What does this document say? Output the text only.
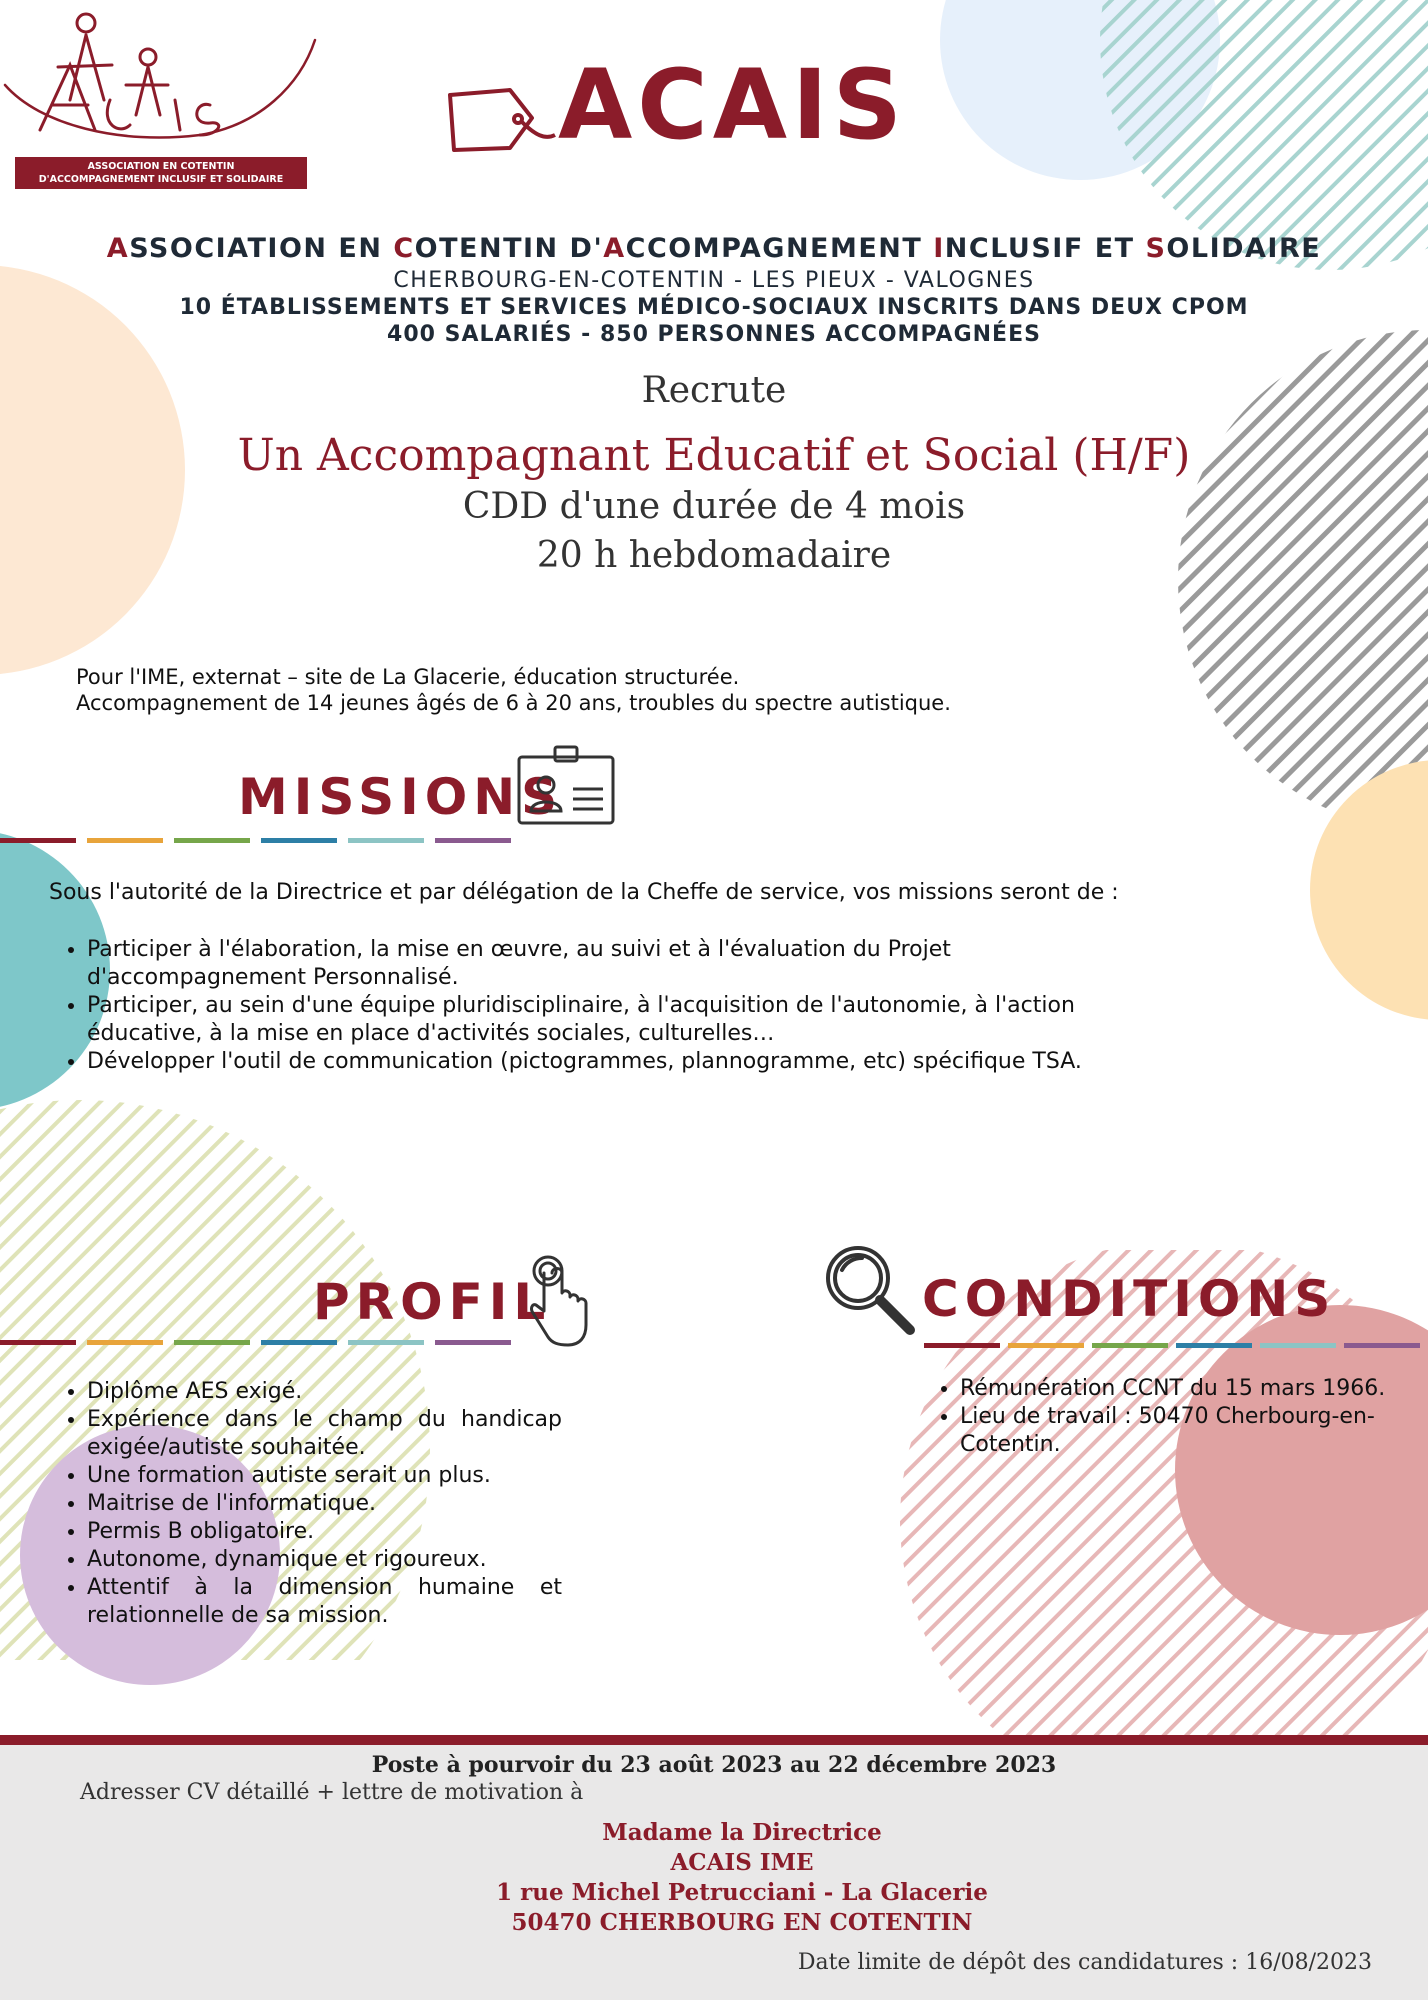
ASSOCIATION EN COTENTIN
D'ACCOMPAGNEMENT INCLUSIF ET SOLIDAIRE
ACAIS
ASSOCIATION EN COTENTIN D'ACCOMPAGNEMENT INCLUSIF ET SOLIDAIRE
CHERBOURG-EN-COTENTIN - LES PIEUX - VALOGNES
10 ÉTABLISSEMENTS ET SERVICES MÉDICO-SOCIAUX INSCRITS DANS DEUX CPOM
400 SALARIÉS - 850 PERSONNES ACCOMPAGNÉES
Recrute
Un Accompagnant Educatif et Social (H/F)
CDD d'une durée de 4 mois
20 h hebdomadaire
Pour l'IME, externat – site de La Glacerie, éducation structurée.
Accompagnement de 14 jeunes âgés de 6 à 20 ans, troubles du spectre autistique.
MISSIONS
Sous l'autorité de la Directrice et par délégation de la Cheffe de service, vos missions seront de :
• Participer à l'élaboration, la mise en œuvre, au suivi et à l'évaluation du Projet d'accompagnement Personnalisé.
• Participer, au sein d'une équipe pluridisciplinaire, à l'acquisition de l'autonomie, à l'action éducative, à la mise en place d'activités sociales, culturelles…
• Développer l'outil de communication (pictogrammes, plannogramme, etc) spécifique TSA.
PROFIL
• Diplôme AES exigé.
• Expérience dans le champ du handicap exigée/autiste souhaitée.
• Une formation autiste serait un plus.
• Maitrise de l'informatique.
• Permis B obligatoire.
• Autonome, dynamique et rigoureux.
• Attentif à la dimension humaine et relationnelle de sa mission.
CONDITIONS
• Rémunération CCNT du 15 mars 1966.
• Lieu de travail : 50470 Cherbourg-en-Cotentin.
Poste à pourvoir du 23 août 2023 au 22 décembre 2023
Adresser CV détaillé + lettre de motivation à
Madame la Directrice
ACAIS IME
1 rue Michel Petrucciani - La Glacerie
50470 CHERBOURG EN COTENTIN
Date limite de dépôt des candidatures : 16/08/2023
